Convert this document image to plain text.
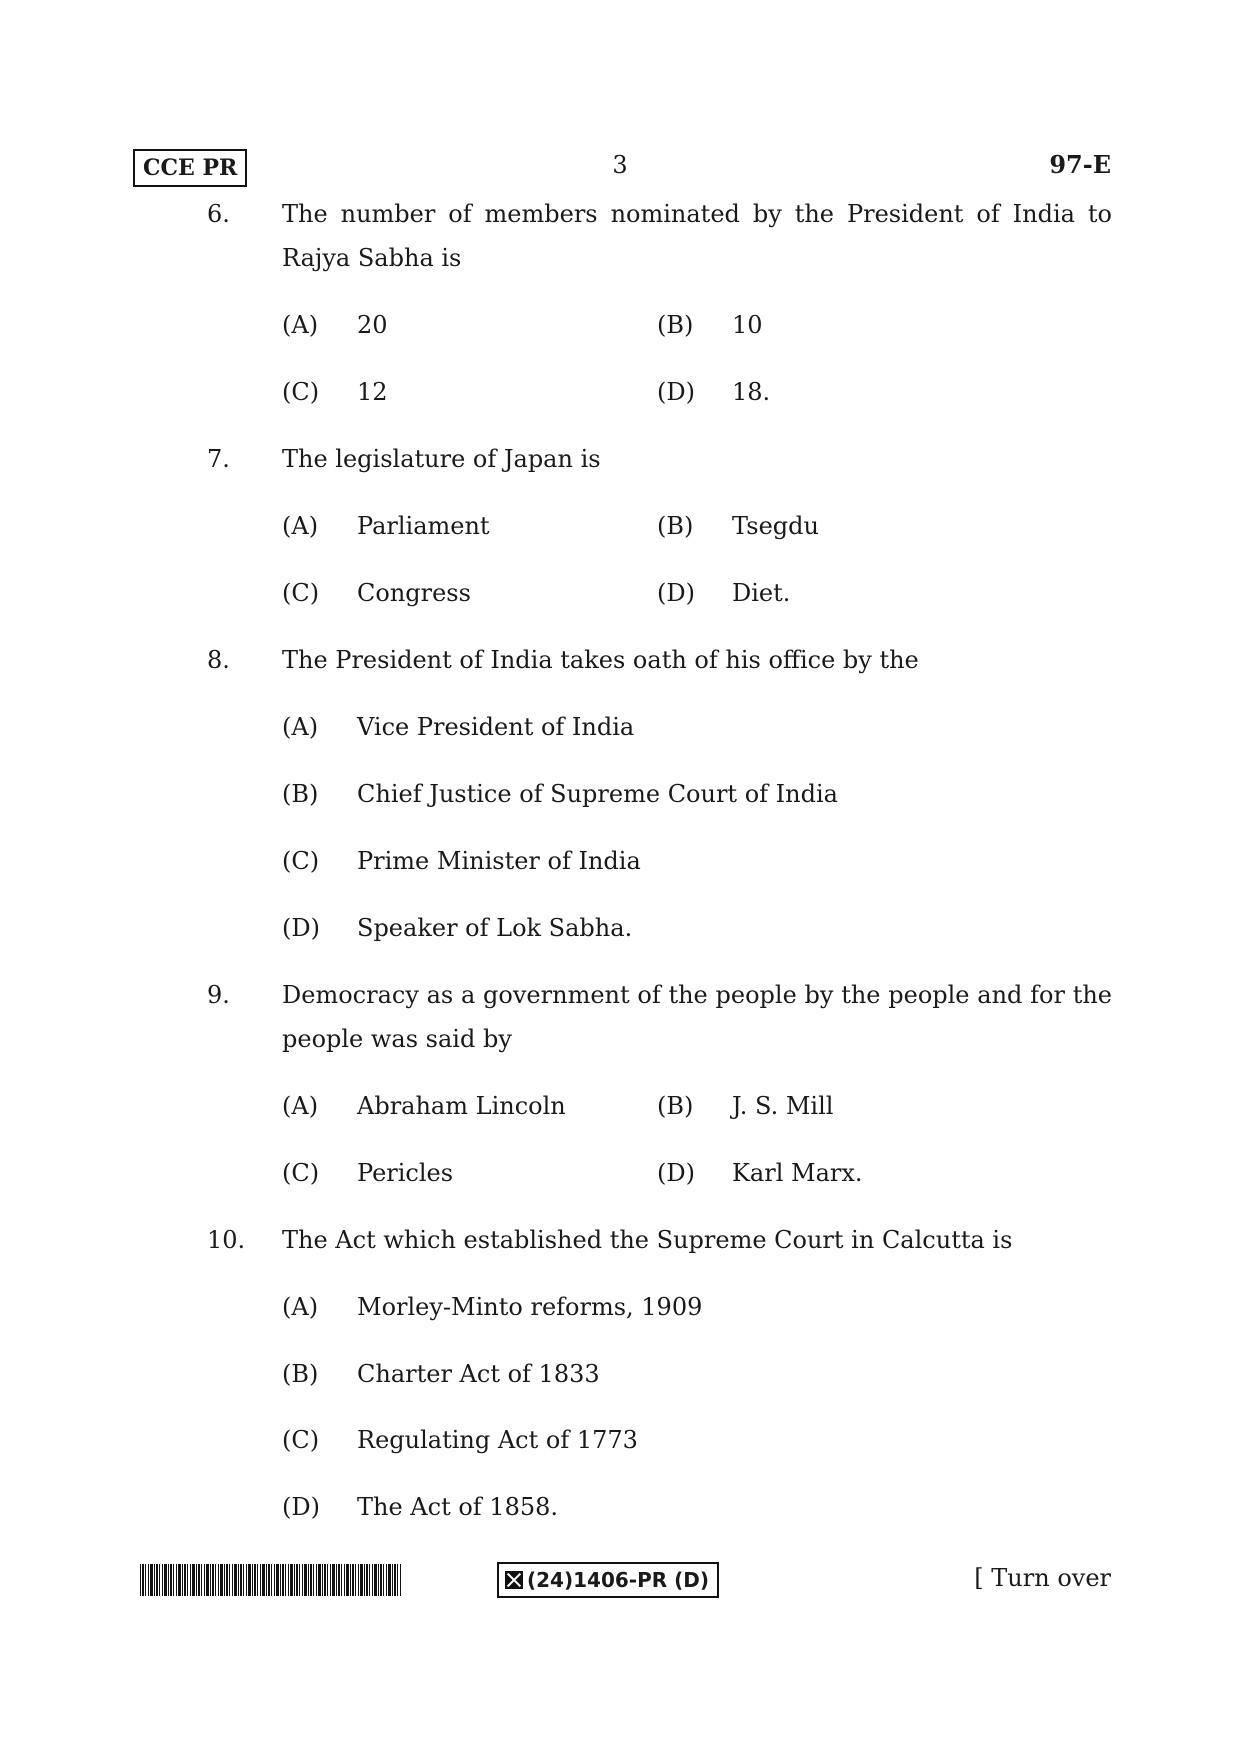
CCE PR	3	97-E
6. The number of members nominated by the President of India to Rajya Sabha is
(A) 20	(B) 10
(C) 12	(D) 18.
7. The legislature of Japan is
(A) Parliament	(B) Tsegdu
(C) Congress	(D) Diet.
8. The President of India takes oath of his office by the
(A) Vice President of India
(B) Chief Justice of Supreme Court of India
(C) Prime Minister of India
(D) Speaker of Lok Sabha.
9. Democracy as a government of the people by the people and for the people was said by
(A) Abraham Lincoln	(B) J. S. Mill
(C) Pericles	(D) Karl Marx.
10. The Act which established the Supreme Court in Calcutta is
(A) Morley-Minto reforms, 1909
(B) Charter Act of 1833
(C) Regulating Act of 1773
(D) The Act of 1858.
(24)1406-PR (D)	[ Turn over
